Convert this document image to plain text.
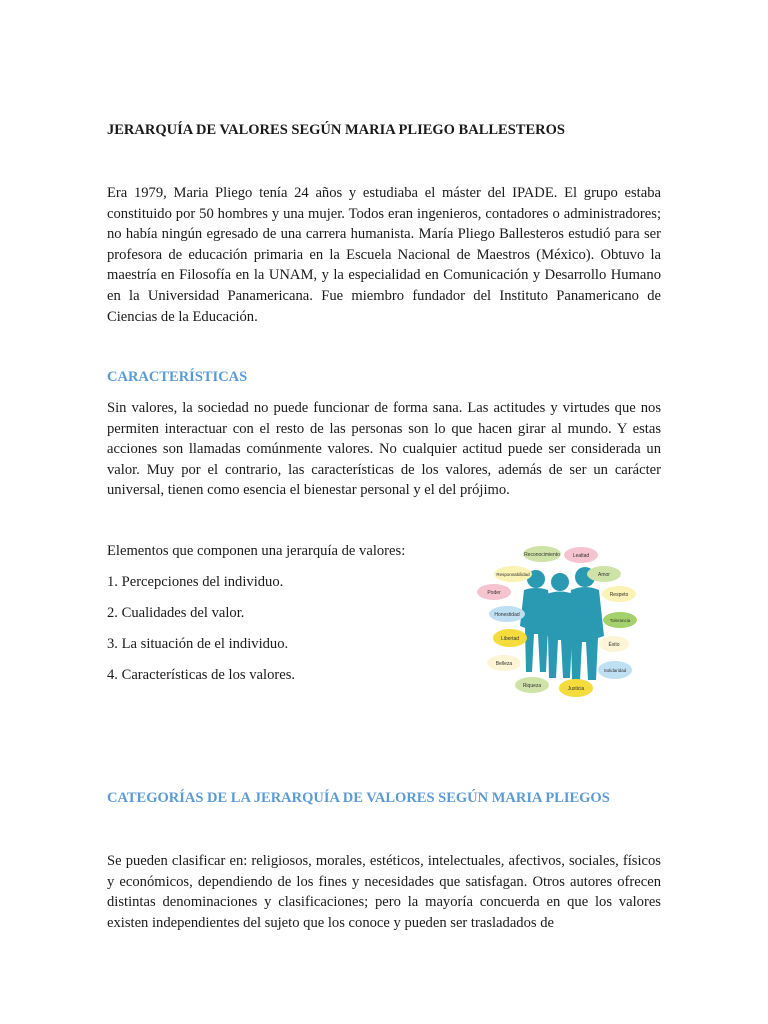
JERARQUÍA DE VALORES SEGÚN MARIA PLIEGO BALLESTEROS

Era 1979, Maria Pliego tenía 24 años y estudiaba el máster del IPADE. El grupo estaba constituido por 50 hombres y una mujer. Todos eran ingenieros, contadores o administradores; no había ningún egresado de una carrera humanista. María Pliego Ballesteros estudió para ser profesora de educación primaria en la Escuela Nacional de Maestros (México). Obtuvo la maestría en Filosofía en la UNAM, y la especialidad en Comunicación y Desarrollo Humano en la Universidad Panamericana. Fue miembro fundador del Instituto Panamericano de Ciencias de la Educación.

CARACTERÍSTICAS

Sin valores, la sociedad no puede funcionar de forma sana. Las actitudes y virtudes que nos permiten interactuar con el resto de las personas son lo que hacen girar al mundo. Y estas acciones son llamadas comúnmente valores. No cualquier actitud puede ser considerada un valor. Muy por el contrario, las características de los valores, además de ser un carácter universal, tienen como esencia el bienestar personal y el del prójimo.

Elementos que componen una jerarquía de valores:
1. Percepciones del individuo.
2. Cualidades del valor.
3. La situación de el individuo.
4. Características de los valores.
CATEGORÍAS DE LA JERARQUÍA DE VALORES SEGÚN MARIA PLIEGOS

Se pueden clasificar en: religiosos, morales, estéticos, intelectuales, afectivos, sociales, físicos y económicos, dependiendo de los fines y necesidades que satisfagan. Otros autores ofrecen distintas denominaciones y clasificaciones; pero la mayoría concuerda en que los valores existen independientes del sujeto que los conoce y pueden ser trasladados de

Reconocimiento	Lealtad
Responsabilidad	Amor
Poder	Respeto
Honestidad
Tolerancia
Libertad
Éxito
Belleza
Solidaridad
Riqueza	Justicia
